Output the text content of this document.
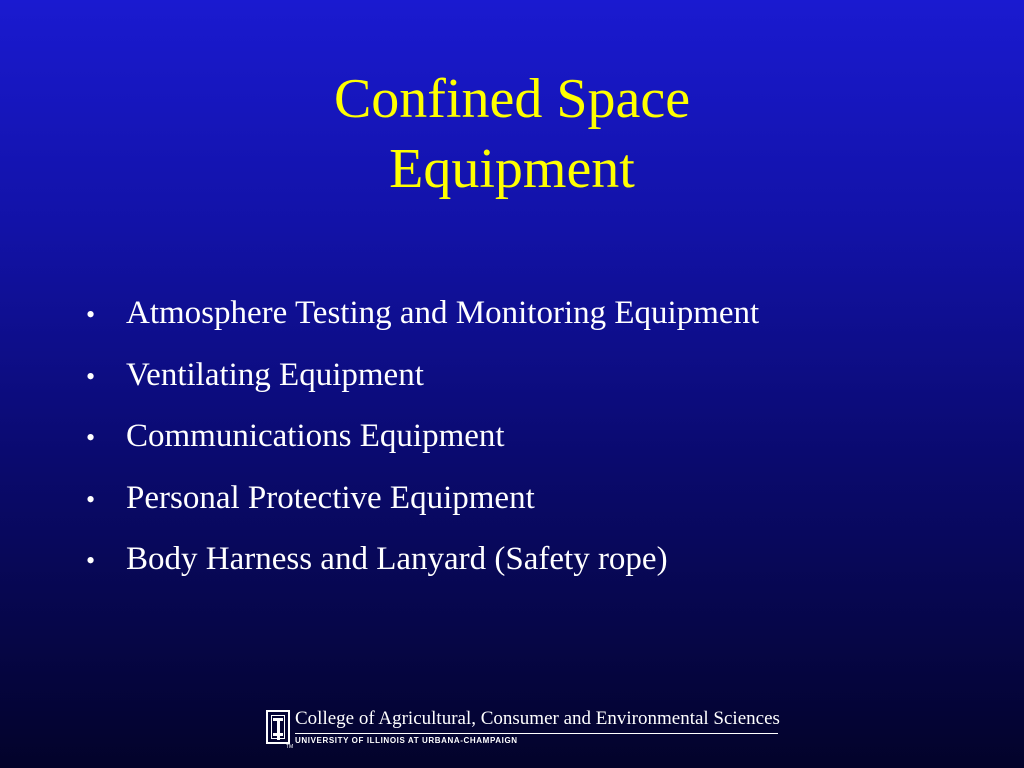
Confined Space
Equipment
• Atmosphere Testing and Monitoring Equipment
• Ventilating Equipment
• Communications Equipment
• Personal Protective Equipment
• Body Harness and Lanyard (Safety rope)
TM
College of Agricultural, Consumer and Environmental Sciences
UNIVERSITY OF ILLINOIS AT URBANA-CHAMPAIGN
